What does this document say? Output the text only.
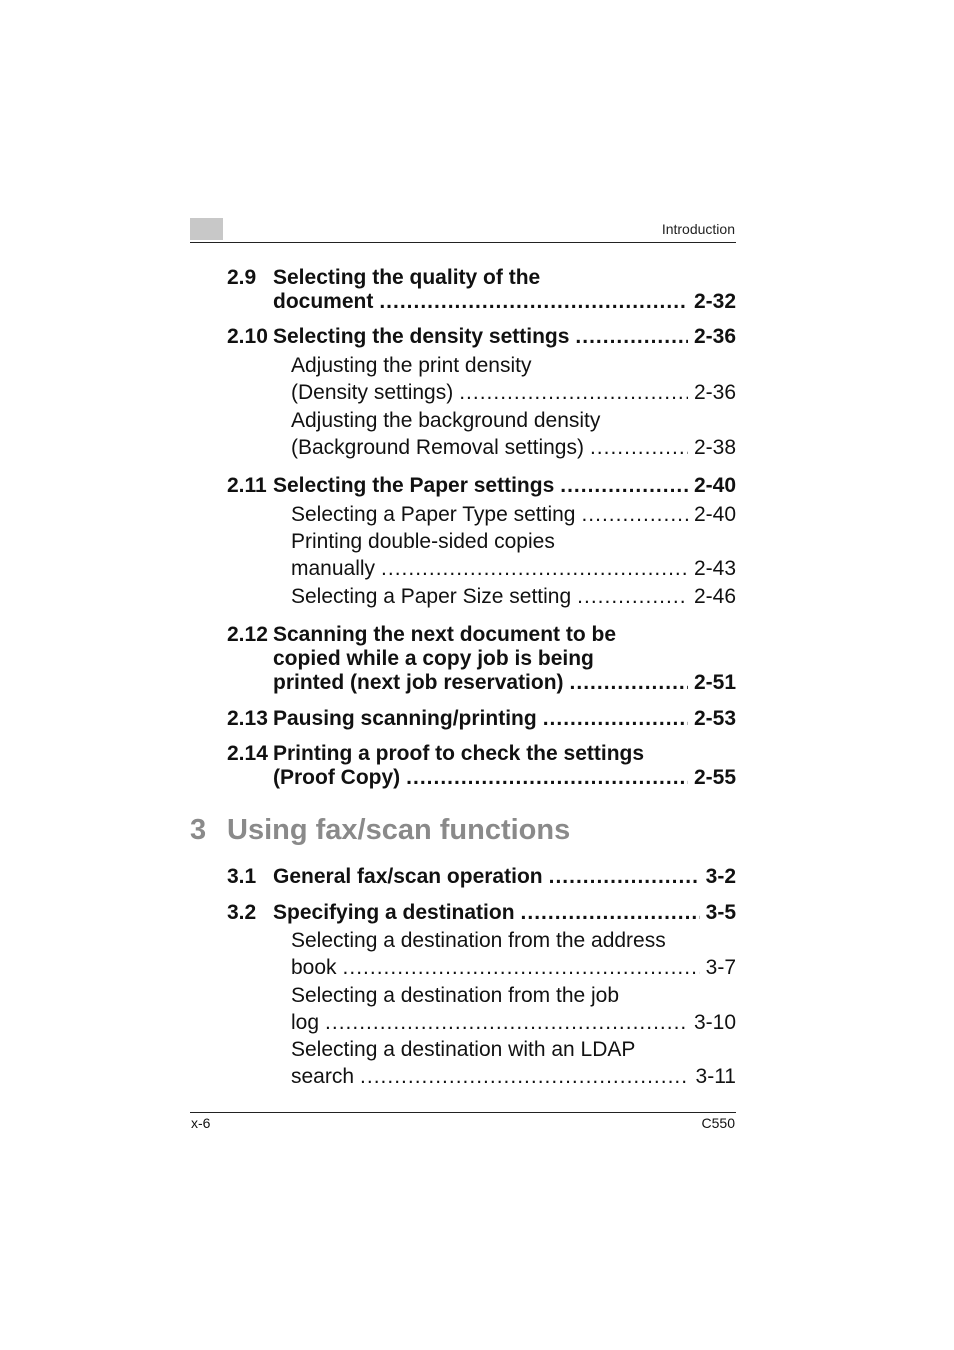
Introduction
2.9 Selecting the quality of the
document .....	2-32
2.10 Selecting the density settings .....	2-36
Adjusting the print density
(Density settings) .....	2-36
Adjusting the background density
(Background Removal settings) .....	2-38
2.11 Selecting the Paper settings .....	2-40
Selecting a Paper Type setting .....	2-40
Printing double-sided copies
manually .....	2-43
Selecting a Paper Size setting .....	2-46
2.12 Scanning the next document to be
copied while a copy job is being
printed (next job reservation) .....	2-51
2.13 Pausing scanning/printing .....	2-53
2.14 Printing a proof to check the settings
(Proof Copy) .....	2-55
3 Using fax/scan functions
3.1 General fax/scan operation .....	3-2
3.2 Specifying a destination .....	3-5
Selecting a destination from the address
book .....	3-7
Selecting a destination from the job
log .....	3-10
Selecting a destination with an LDAP
search .....	3-11
x-6	C550
